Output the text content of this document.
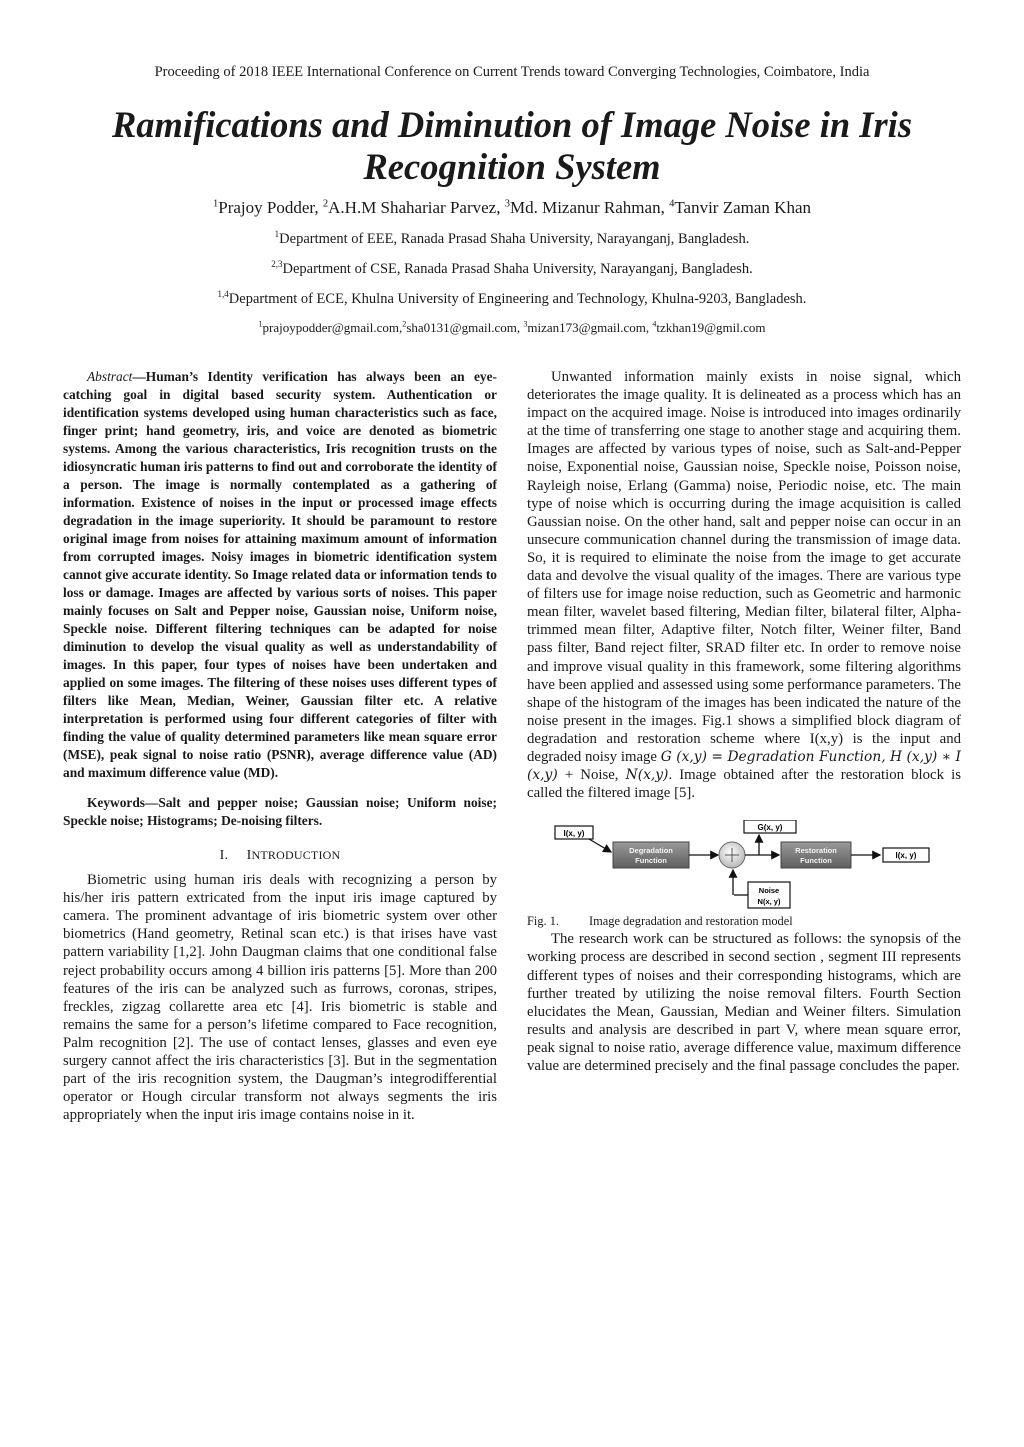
Proceeding of 2018 IEEE International Conference on Current Trends toward Converging Technologies, Coimbatore, India
Ramifications and Diminution of Image Noise in Iris Recognition System
$^1$Prajoy Podder, $^2$A.H.M Shahariar Parvez, $^3$Md. Mizanur Rahman, $^4$Tanvir Zaman Khan
$^1$Department of EEE, Ranada Prasad Shaha University, Narayanganj, Bangladesh.
$^{2,3}$Department of CSE, Ranada Prasad Shaha University, Narayanganj, Bangladesh.
$^{1,4}$Department of ECE, Khulna University of Engineering and Technology, Khulna-9203, Bangladesh.
$^1$prajoypodder@gmail.com,$^2$sha0131@gmail.com, $^3$mizan173@gmail.com, $^4$tzkhan19@gmil.com

Abstract—Human’s Identity verification has always been an eye-catching goal in digital based security system. Authentication or identification systems developed using human characteristics such as face, finger print; hand geometry, iris, and voice are denoted as biometric systems. Among the various characteristics, Iris recognition trusts on the idiosyncratic human iris patterns to find out and corroborate the identity of a person. The image is normally contemplated as a gathering of information. Existence of noises in the input or processed image effects degradation in the image superiority. It should be paramount to restore original image from noises for attaining maximum amount of information from corrupted images. Noisy images in biometric identification system cannot give accurate identity. So Image related data or information tends to loss or damage. Images are affected by various sorts of noises. This paper mainly focuses on Salt and Pepper noise, Gaussian noise, Uniform noise, Speckle noise. Different filtering techniques can be adapted for noise diminution to develop the visual quality as well as understandability of images. In this paper, four types of noises have been undertaken and applied on some images. The filtering of these noises uses different types of filters like Mean, Median, Weiner, Gaussian filter etc. A relative interpretation is performed using four different categories of filter with finding the value of quality determined parameters like mean square error (MSE), peak signal to noise ratio (PSNR), average difference value (AD) and maximum difference value (MD).

Keywords—Salt and pepper noise; Gaussian noise; Uniform noise; Speckle noise; Histograms; De-noising filters.

I. INTRODUCTION

Biometric using human iris deals with recognizing a person by his/her iris pattern extricated from the input iris image captured by camera. The prominent advantage of iris biometric system over other biometrics (Hand geometry, Retinal scan etc.) is that irises have vast pattern variability [1,2]. John Daugman claims that one conditional false reject probability occurs among 4 billion iris patterns [5]. More than 200 features of the iris can be analyzed such as furrows, coronas, stripes, freckles, zigzag collarette area etc [4]. Iris biometric is stable and remains the same for a person’s lifetime compared to Face recognition, Palm recognition [2]. The use of contact lenses, glasses and even eye surgery cannot affect the iris characteristics [3]. But in the segmentation part of the iris recognition system, the Daugman’s integrodifferential operator or Hough circular transform not always segments the iris appropriately when the input iris image contains noise in it.

Unwanted information mainly exists in noise signal, which deteriorates the image quality. It is delineated as a process which has an impact on the acquired image. Noise is introduced into images ordinarily at the time of transferring one stage to another stage and acquiring them. Images are affected by various types of noise, such as Salt-and-Pepper noise, Exponential noise, Gaussian noise, Speckle noise, Poisson noise, Rayleigh noise, Erlang (Gamma) noise, Periodic noise, etc. The main type of noise which is occurring during the image acquisition is called Gaussian noise. On the other hand, salt and pepper noise can occur in an unsecure communication channel during the transmission of image data. So, it is required to eliminate the noise from the image to get accurate data and devolve the visual quality of the images. There are various type of filters use for image noise reduction, such as Geometric and harmonic mean filter, wavelet based filtering, Median filter, bilateral filter, Alpha-trimmed mean filter, Adaptive filter, Notch filter, Weiner filter, Band pass filter, Band reject filter, SRAD filter etc. In order to remove noise and improve visual quality in this framework, some filtering algorithms have been applied and assessed using some performance parameters. The shape of the histogram of the images has been indicated the nature of the noise present in the images. Fig.1 shows a simplified block diagram of degradation and restoration scheme where I(x,y) is the input and degraded noisy image G (x,y) = Degradation Function, H (x,y) ∗ I (x,y) + Noise, N(x,y). Image obtained after the restoration block is called the filtered image [5].

I(x, y)
Degradation
Function
G(x, y)
Restoration
Function
I(x, y)
Noise
N(x, y)

Fig. 1.	Image degradation and restoration model

The research work can be structured as follows: the synopsis of the working process are described in second section , segment III represents different types of noises and their corresponding histograms, which are further treated by utilizing the noise removal filters. Fourth Section elucidates the Mean, Gaussian, Median and Weiner filters. Simulation results and analysis are described in part V, where mean square error, peak signal to noise ratio, average difference value, maximum difference value are determined precisely and the final passage concludes the paper.
